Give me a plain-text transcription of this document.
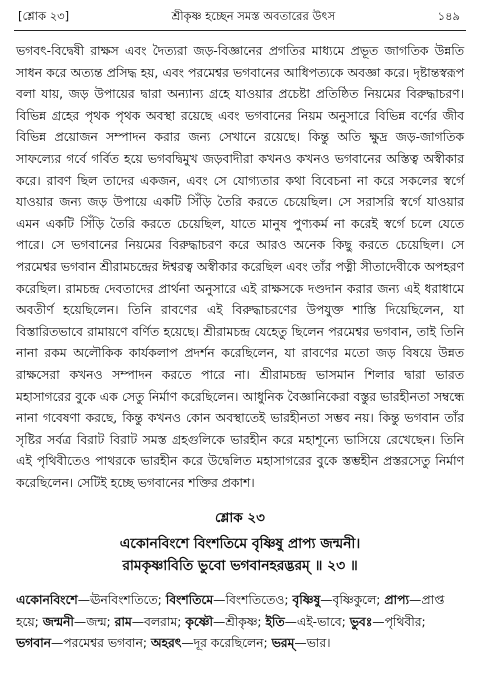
[শ্লোক ২৩]	শ্রীকৃষ্ণ হচ্ছেন সমস্ত অবতারের উৎস	১৪৯
ভগবৎ-বিদ্বেষী রাক্ষস এবং দৈত্যরা জড়-বিজ্ঞানের প্রগতির মাধ্যমে প্রভূত জাগতিক উন্নতি সাধন করে অত্যন্ত প্রসিদ্ধ হয়, এবং পরমেশ্বর ভগবানের আধিপত্যকে অবজ্ঞা করে। দৃষ্টান্তস্বরূপ বলা যায়, জড় উপায়ের দ্বারা অন্যান্য গ্রহে যাওয়ার প্রচেষ্টা প্রতিষ্ঠিত নিয়মের বিরুদ্ধাচরণ। বিভিন্ন গ্রহের পৃথক পৃথক অবস্থা রয়েছে এবং ভগবানের নিয়ম অনুসারে বিভিন্ন বর্ণের জীব বিভিন্ন প্রয়োজন সম্পাদন করার জন্য সেখানে রয়েছে। কিন্তু অতি ক্ষুদ্র জড়-জাগতিক সাফল্যের গর্বে গর্বিত হয়ে ভগবদ্বিমুখ জড়বাদীরা কখনও কখনও ভগবানের অস্তিত্ব অস্বীকার করে। রাবণ ছিল তাদের একজন, এবং সে যোগ্যতার কথা বিবেচনা না করে সকলের স্বর্গে যাওয়ার জন্য জড় উপায়ে একটি সিঁড়ি তৈরি করতে চেয়েছিল। সে সরাসরি স্বর্গে যাওয়ার এমন একটি সিঁড়ি তৈরি করতে চেয়েছিল, যাতে মানুষ পুণ্যকর্ম না করেই স্বর্গে চলে যেতে পারে। সে ভগবানের নিয়মের বিরুদ্ধাচরণ করে আরও অনেক কিছু করতে চেয়েছিল। সে পরমেশ্বর ভগবান শ্রীরামচন্দ্রের ঈশ্বরত্ব অস্বীকার করেছিল এবং তাঁর পত্নী সীতাদেবীকে অপহরণ করেছিল। রামচন্দ্র দেবতাদের প্রার্থনা অনুসারে এই রাক্ষসকে দণ্ডদান করার জন্য এই ধরাধামে অবতীর্ণ হয়েছিলেন। তিনি রাবণের এই বিরুদ্ধাচরণের উপযুক্ত শাস্তি দিয়েছিলেন, যা বিস্তারিতভাবে রামায়ণে বর্ণিত হয়েছে। শ্রীরামচন্দ্র যেহেতু ছিলেন পরমেশ্বর ভগবান, তাই তিনি নানা রকম অলৌকিক কার্যকলাপ প্রদর্শন করেছিলেন, যা রাবণের মতো জড় বিষয়ে উন্নত রাক্ষসেরা কখনও সম্পাদন করতে পারে না। শ্রীরামচন্দ্র ভাসমান শিলার দ্বারা ভারত মহাসাগরের বুকে এক সেতু নির্মাণ করেছিলেন। আধুনিক বৈজ্ঞানিকেরা বস্তুর ভারহীনতা সম্বন্ধে নানা গবেষণা করছে, কিন্তু কখনও কোন অবস্থাতেই ভারহীনতা সম্ভব নয়। কিন্তু ভগবান তাঁর সৃষ্টির সর্বত্র বিরাট বিরাট সমস্ত গ্রহগুলিকে ভারহীন করে মহাশূন্যে ভাসিয়ে রেখেছেন। তিনি এই পৃথিবীতেও পাথরকে ভারহীন করে উদ্বেলিত মহাসাগরের বুকে স্তম্ভহীন প্রস্তরসেতু নির্মাণ করেছিলেন। সেটিই হচ্ছে ভগবানের শক্তির প্রকাশ।
শ্লোক ২৩
একোনবিংশে বিংশতিমে বৃষ্ণিষু প্রাপ্য জন্মনী।
রামকৃষ্ণাবিতি ভুবো ভগবানহরদ্ভরম্ ॥ ২৩ ॥
একোনবিংশে—ঊনবিংশতিতে; বিংশতিমে—বিংশতিতেও; বৃষ্ণিষু—বৃষ্ণিকুলে; প্রাপ্য—প্রাপ্ত হয়ে; জন্মনী—জন্ম; রাম—বলরাম; কৃষ্ণৌ—শ্রীকৃষ্ণ; ইতি—এই-ভাবে; ভুবঃ—পৃথিবীর; ভগবান—পরমেশ্বর ভগবান; অহরৎ—দূর করেছিলেন; ভরম্—ভার।
